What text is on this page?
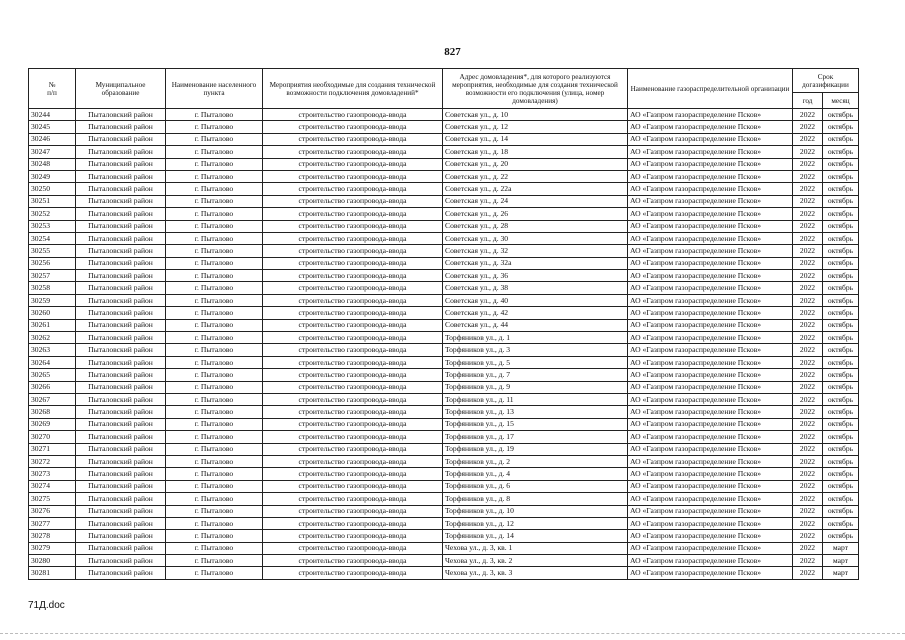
827
№
п/п	Муниципальное образование	Наименование населенного пункта	Мероприятия необходимые для создания технической возможности подключения домовладений*	Адрес домовладения*, для которого реализуются мероприятия, необходимые для создания технической возможности его подключения (улица, номер домовладения)	Наименование газораспределительной организации	Срок догазификации	
						год	месяц
30244	Пыталовский район	г. Пыталово	строительство газопровода-ввода	Советская ул., д. 10	АО «Газпром газораспределение Псков»	2022	октябрь
30245	Пыталовский район	г. Пыталово	строительство газопровода-ввода	Советская ул., д. 12	АО «Газпром газораспределение Псков»	2022	октябрь
30246	Пыталовский район	г. Пыталово	строительство газопровода-ввода	Советская ул., д. 14	АО «Газпром газораспределение Псков»	2022	октябрь
30247	Пыталовский район	г. Пыталово	строительство газопровода-ввода	Советская ул., д. 18	АО «Газпром газораспределение Псков»	2022	октябрь
30248	Пыталовский район	г. Пыталово	строительство газопровода-ввода	Советская ул., д. 20	АО «Газпром газораспределение Псков»	2022	октябрь
30249	Пыталовский район	г. Пыталово	строительство газопровода-ввода	Советская ул., д. 22	АО «Газпром газораспределение Псков»	2022	октябрь
30250	Пыталовский район	г. Пыталово	строительство газопровода-ввода	Советская ул., д. 22а	АО «Газпром газораспределение Псков»	2022	октябрь
30251	Пыталовский район	г. Пыталово	строительство газопровода-ввода	Советская ул., д. 24	АО «Газпром газораспределение Псков»	2022	октябрь
30252	Пыталовский район	г. Пыталово	строительство газопровода-ввода	Советская ул., д. 26	АО «Газпром газораспределение Псков»	2022	октябрь
30253	Пыталовский район	г. Пыталово	строительство газопровода-ввода	Советская ул., д. 28	АО «Газпром газораспределение Псков»	2022	октябрь
30254	Пыталовский район	г. Пыталово	строительство газопровода-ввода	Советская ул., д. 30	АО «Газпром газораспределение Псков»	2022	октябрь
30255	Пыталовский район	г. Пыталово	строительство газопровода-ввода	Советская ул., д. 32	АО «Газпром газораспределение Псков»	2022	октябрь
30256	Пыталовский район	г. Пыталово	строительство газопровода-ввода	Советская ул., д. 32а	АО «Газпром газораспределение Псков»	2022	октябрь
30257	Пыталовский район	г. Пыталово	строительство газопровода-ввода	Советская ул., д. 36	АО «Газпром газораспределение Псков»	2022	октябрь
30258	Пыталовский район	г. Пыталово	строительство газопровода-ввода	Советская ул., д. 38	АО «Газпром газораспределение Псков»	2022	октябрь
30259	Пыталовский район	г. Пыталово	строительство газопровода-ввода	Советская ул., д. 40	АО «Газпром газораспределение Псков»	2022	октябрь
30260	Пыталовский район	г. Пыталово	строительство газопровода-ввода	Советская ул., д. 42	АО «Газпром газораспределение Псков»	2022	октябрь
30261	Пыталовский район	г. Пыталово	строительство газопровода-ввода	Советская ул., д. 44	АО «Газпром газораспределение Псков»	2022	октябрь
30262	Пыталовский район	г. Пыталово	строительство газопровода-ввода	Торфяников ул., д. 1	АО «Газпром газораспределение Псков»	2022	октябрь
30263	Пыталовский район	г. Пыталово	строительство газопровода-ввода	Торфяников ул., д. 3	АО «Газпром газораспределение Псков»	2022	октябрь
30264	Пыталовский район	г. Пыталово	строительство газопровода-ввода	Торфяников ул., д. 5	АО «Газпром газораспределение Псков»	2022	октябрь
30265	Пыталовский район	г. Пыталово	строительство газопровода-ввода	Торфяников ул., д. 7	АО «Газпром газораспределение Псков»	2022	октябрь
30266	Пыталовский район	г. Пыталово	строительство газопровода-ввода	Торфяников ул., д. 9	АО «Газпром газораспределение Псков»	2022	октябрь
30267	Пыталовский район	г. Пыталово	строительство газопровода-ввода	Торфяников ул., д. 11	АО «Газпром газораспределение Псков»	2022	октябрь
30268	Пыталовский район	г. Пыталово	строительство газопровода-ввода	Торфяников ул., д. 13	АО «Газпром газораспределение Псков»	2022	октябрь
30269	Пыталовский район	г. Пыталово	строительство газопровода-ввода	Торфяников ул., д. 15	АО «Газпром газораспределение Псков»	2022	октябрь
30270	Пыталовский район	г. Пыталово	строительство газопровода-ввода	Торфяников ул., д. 17	АО «Газпром газораспределение Псков»	2022	октябрь
30271	Пыталовский район	г. Пыталово	строительство газопровода-ввода	Торфяников ул., д. 19	АО «Газпром газораспределение Псков»	2022	октябрь
30272	Пыталовский район	г. Пыталово	строительство газопровода-ввода	Торфяников ул., д. 2	АО «Газпром газораспределение Псков»	2022	октябрь
30273	Пыталовский район	г. Пыталово	строительство газопровода-ввода	Торфяников ул., д. 4	АО «Газпром газораспределение Псков»	2022	октябрь
30274	Пыталовский район	г. Пыталово	строительство газопровода-ввода	Торфяников ул., д. 6	АО «Газпром газораспределение Псков»	2022	октябрь
30275	Пыталовский район	г. Пыталово	строительство газопровода-ввода	Торфяников ул., д. 8	АО «Газпром газораспределение Псков»	2022	октябрь
30276	Пыталовский район	г. Пыталово	строительство газопровода-ввода	Торфяников ул., д. 10	АО «Газпром газораспределение Псков»	2022	октябрь
30277	Пыталовский район	г. Пыталово	строительство газопровода-ввода	Торфяников ул., д. 12	АО «Газпром газораспределение Псков»	2022	октябрь
30278	Пыталовский район	г. Пыталово	строительство газопровода-ввода	Торфяников ул., д. 14	АО «Газпром газораспределение Псков»	2022	октябрь
30279	Пыталовский район	г. Пыталово	строительство газопровода-ввода	Чехова ул., д. 3, кв. 1	АО «Газпром газораспределение Псков»	2022	март
30280	Пыталовский район	г. Пыталово	строительство газопровода-ввода	Чехова ул., д. 3, кв. 2	АО «Газпром газораспределение Псков»	2022	март
30281	Пыталовский район	г. Пыталово	строительство газопровода-ввода	Чехова ул., д. 3, кв. 3	АО «Газпром газораспределение Псков»	2022	март
71Д.doc
